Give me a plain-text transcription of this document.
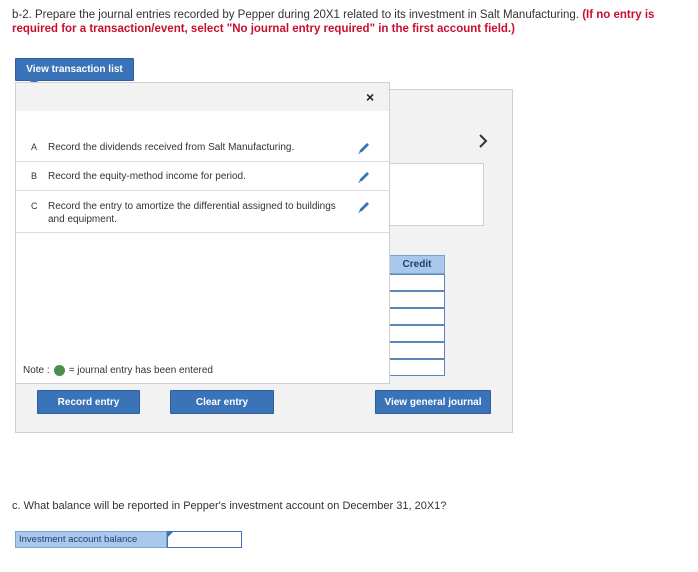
b-2. Prepare the journal entries recorded by Pepper during 20X1 related to its investment in Salt Manufacturing. (If no entry is required for a transaction/event, select "No journal entry required" in the first account field.)
View transaction list
Credit
×
A Record the dividends received from Salt Manufacturing.
B Record the equity-method income for period.
C Record the entry to amortize the differential assigned to buildings and equipment.
Note : = journal entry has been entered
Record entry	Clear entry	View general journal
c. What balance will be reported in Pepper's investment account on December 31, 20X1?
Investment account balance
